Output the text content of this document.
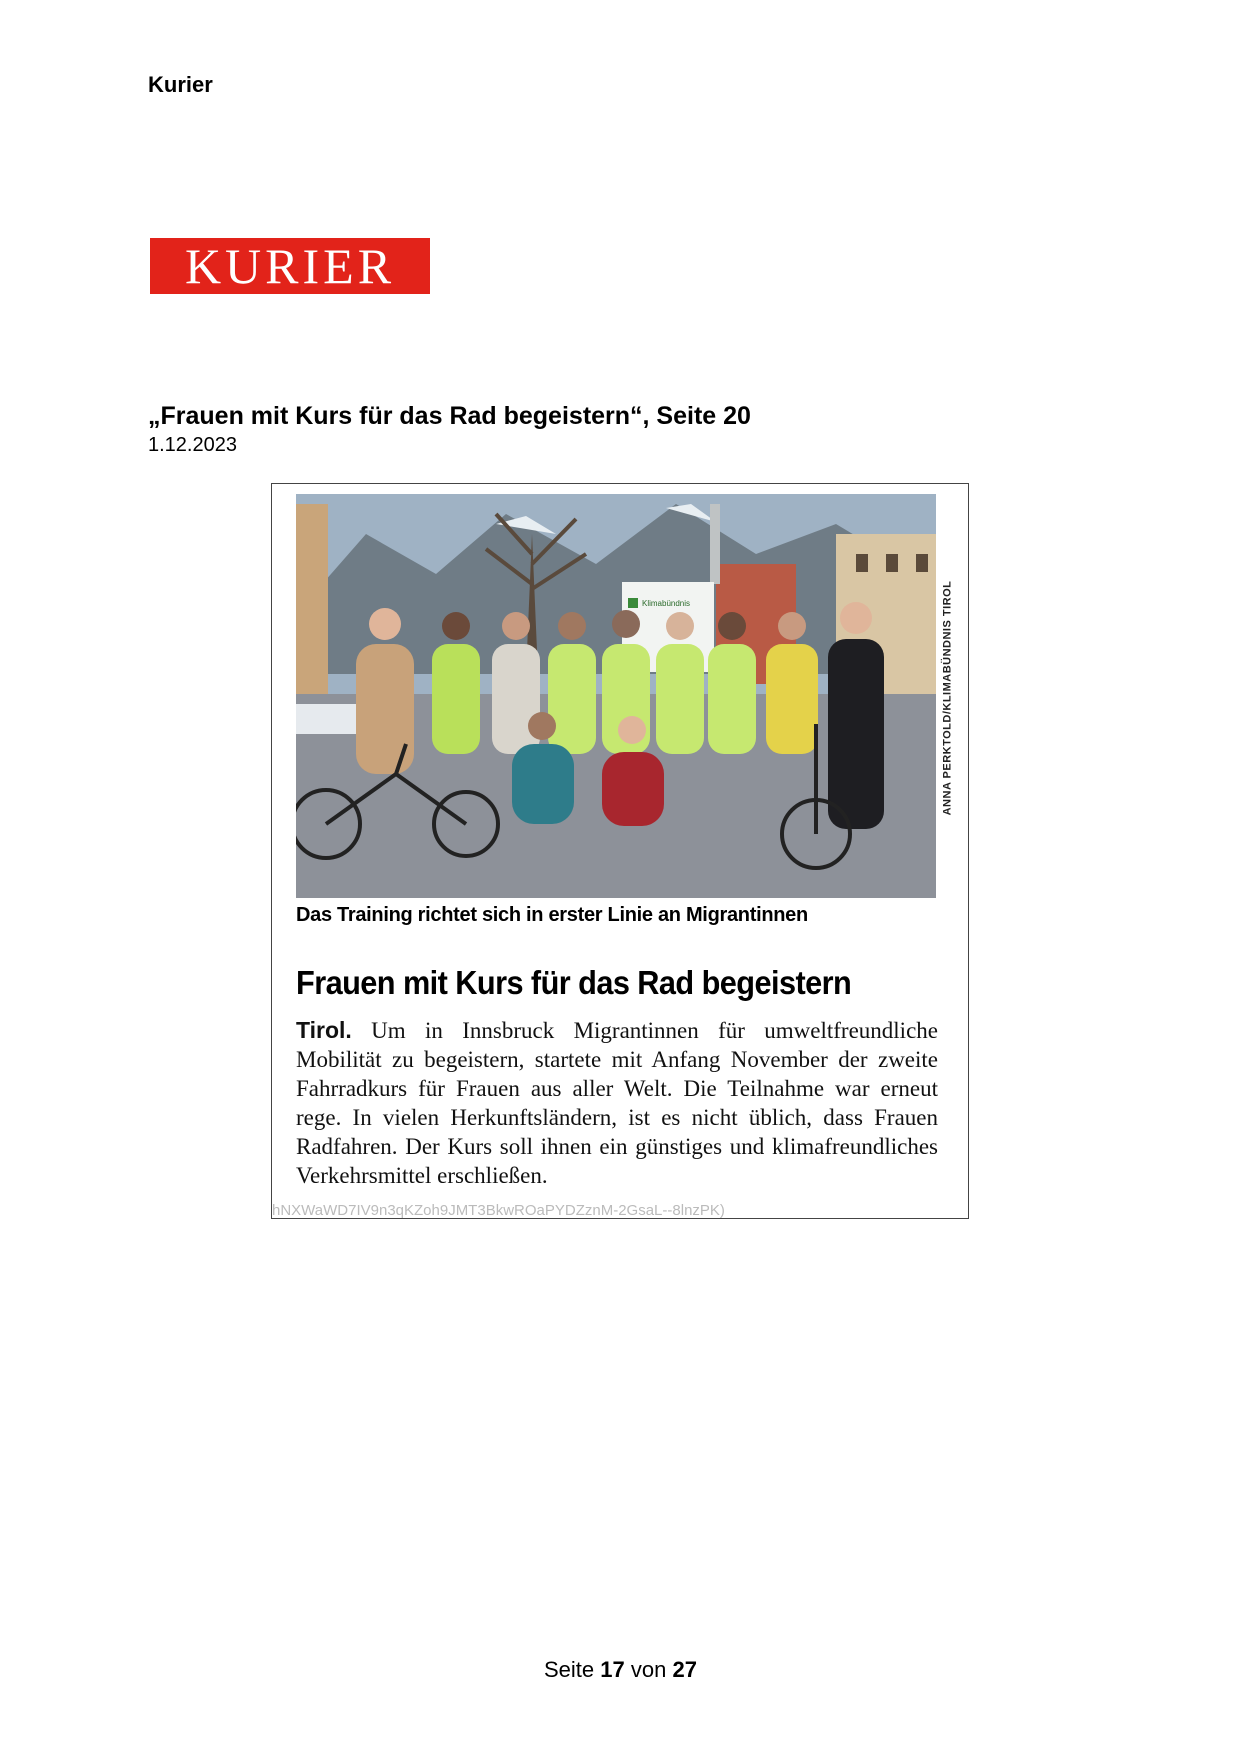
Kurier
KURIER
„Frauen mit Kurs für das Rad begeistern“, Seite 20
1.12.2023
Klimabündnis	ANNA PERKTOLD/KLIMABÜNDNIS TIROL
Das Training richtet sich in erster Linie an Migrantinnen
Frauen mit Kurs für das Rad begeistern
Tirol. Um in Innsbruck Migrantinnen für umweltfreundliche Mobilität zu begeistern, startete mit Anfang November der zweite Fahrradkurs für Frauen aus aller Welt. Die Teilnahme war erneut rege. In vielen Herkunftsländern, ist es nicht üblich, dass Frauen Radfahren. Der Kurs soll ihnen ein günstiges und klimafreundliches Verkehrsmittel erschließen.
hNXWaWD7IV9n3qKZoh9JMT3BkwROaPYDZznM-2GsaL--8lnzPK)
Seite 17 von 27
